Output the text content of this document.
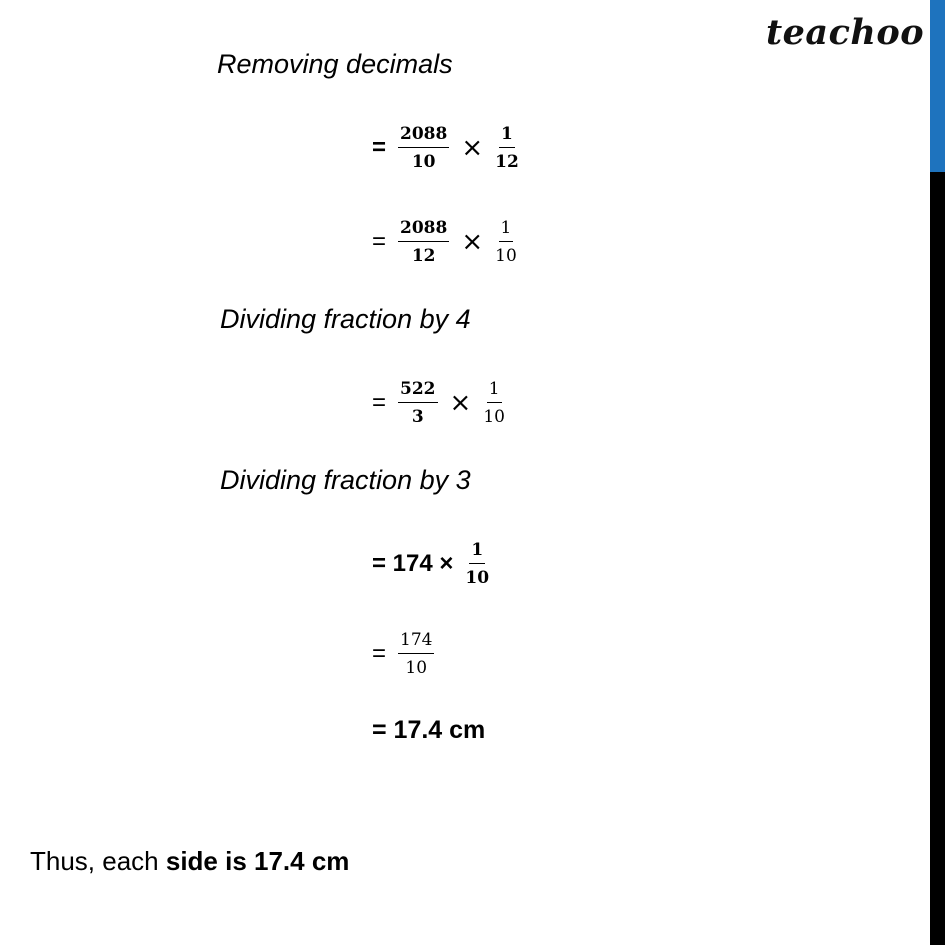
teachoo
Removing decimals
= $\frac{2088}{10} \times \frac{1}{12}$
= $\frac{2088}{12} \times \frac{1}{10}$
Dividing fraction by 4
= $\frac{522}{3} \times \frac{1}{10}$
Dividing fraction by 3
= $174 \times \frac{1}{10}$
= $\frac{174}{10}$
= 17.4 cm
Thus, each side is 17.4 cm
